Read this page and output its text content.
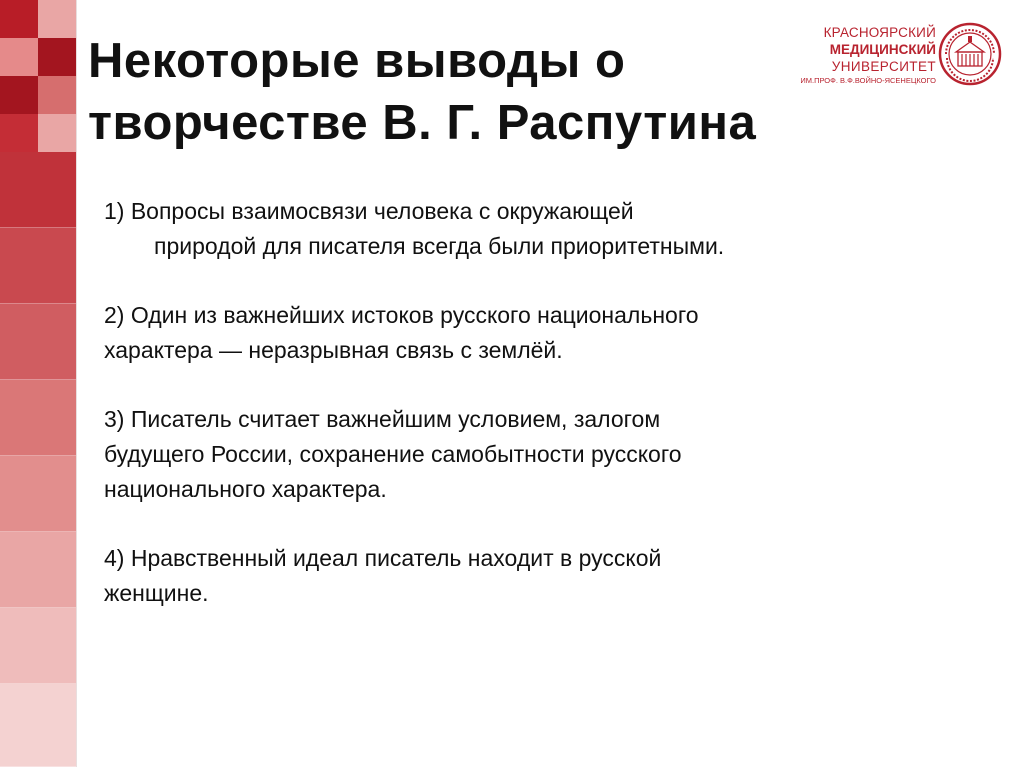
Некоторые выводы о
творчестве В. Г. Распутина
КРАСНОЯРСКИЙ
МЕДИЦИНСКИЙ
УНИВЕРСИТЕТ
ИМ.ПРОФ. В.Ф.ВОЙНО-ЯСЕНЕЦКОГО

1) Вопросы взаимосвязи человека с окружающей
природой для писателя всегда были приоритетными.

2) Один из важнейших истоков русского национального
характера — неразрывная связь с землёй.

3) Писатель считает важнейшим условием, залогом
будущего России, сохранение самобытности русского
национального характера.

4) Нравственный идеал писатель находит в русской
женщине.
